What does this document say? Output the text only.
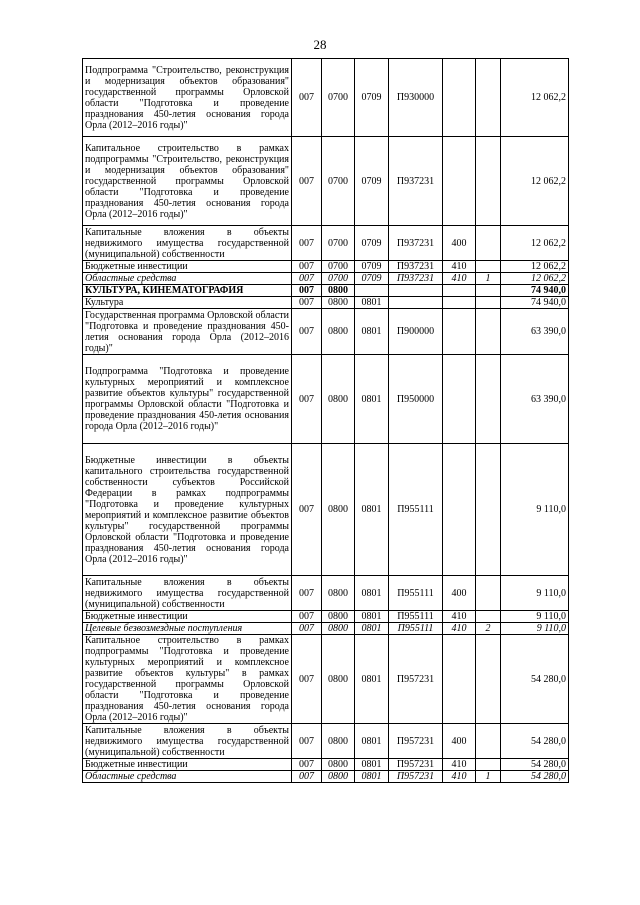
28
Подпрограмма "Строительство, реконструкция и модернизация объектов образования" государственной программы Орловской области "Подготовка и проведение празднования 450-летия основания города Орла (2012–2016 годы)"	007	0700	0709	П930000			12 062,2
Капитальное строительство в рамках подпрограммы "Строительство, реконструкция и модернизация объектов образования" государственной программы Орловской области "Подготовка и проведение празднования 450-летия основания города Орла (2012–2016 годы)"	007	0700	0709	П937231			12 062,2
Капитальные вложения в объекты недвижимого имущества государственной (муниципальной) собственности	007	0700	0709	П937231	400		12 062,2
Бюджетные инвестиции	007	0700	0709	П937231	410		12 062,2
Областные средства	007	0700	0709	П937231	410	1	12 062,2
КУЛЬТУРА, КИНЕМАТОГРАФИЯ	007	0800					74 940,0
Культура	007	0800	0801				74 940,0
Государственная программа Орловской области "Подготовка и проведение празднования 450-летия основания города Орла (2012–2016 годы)"	007	0800	0801	П900000			63 390,0
Подпрограмма "Подготовка и проведение культурных мероприятий и комплексное развитие объектов культуры" государственной программы Орловской области "Подготовка и проведение празднования 450-летия основания города Орла (2012–2016 годы)"	007	0800	0801	П950000			63 390,0
Бюджетные инвестиции в объекты капитального строительства государственной собственности субъектов Российской Федерации в рамках подпрограммы "Подготовка и проведение культурных мероприятий и комплексное развитие объектов культуры" государственной программы Орловской области "Подготовка и проведение празднования 450-летия основания города Орла (2012–2016 годы)"	007	0800	0801	П955111			9 110,0
Капитальные вложения в объекты недвижимого имущества государственной (муниципальной) собственности	007	0800	0801	П955111	400		9 110,0
Бюджетные инвестиции	007	0800	0801	П955111	410		9 110,0
Целевые безвозмездные поступления	007	0800	0801	П955111	410	2	9 110,0
Капитальное строительство в рамках подпрограммы "Подготовка и проведение культурных мероприятий и комплексное развитие объектов культуры" в рамках государственной программы Орловской области "Подготовка и проведение празднования 450-летия основания города Орла (2012–2016 годы)"	007	0800	0801	П957231			54 280,0
Капитальные вложения в объекты недвижимого имущества государственной (муниципальной) собственности	007	0800	0801	П957231	400		54 280,0
Бюджетные инвестиции	007	0800	0801	П957231	410		54 280,0
Областные средства	007	0800	0801	П957231	410	1	54 280,0
